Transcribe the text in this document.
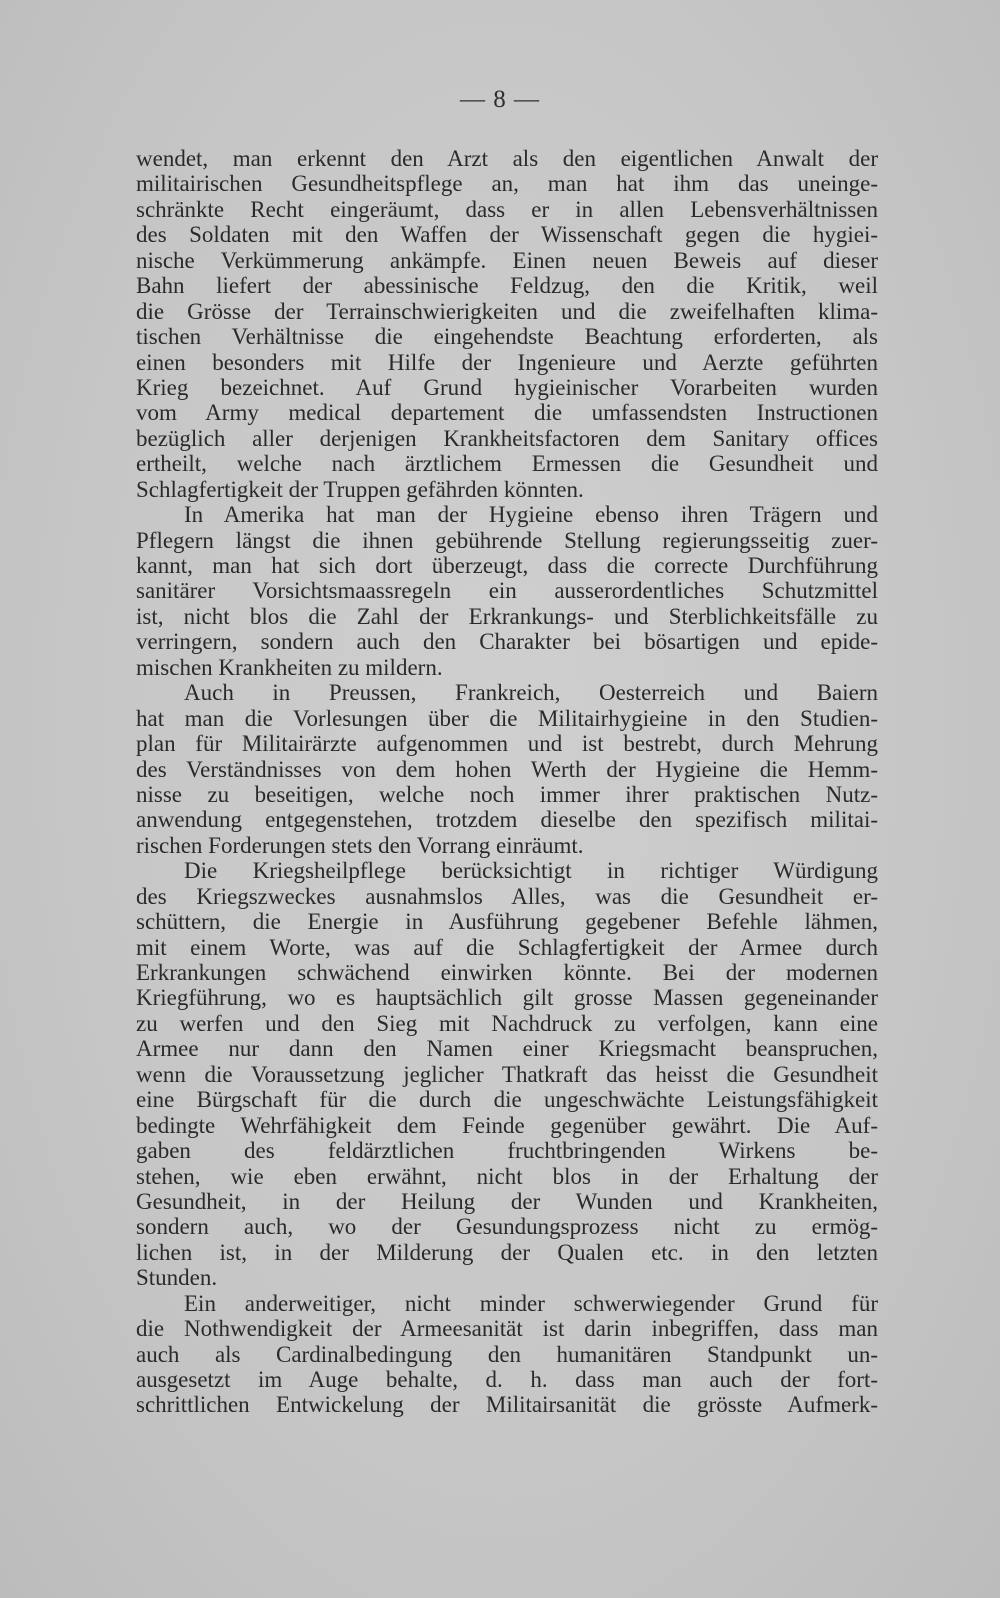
— 8 —
wendet, man erkennt den Arzt als den eigentlichen Anwalt der
militairischen Gesundheitspflege an, man hat ihm das uneinge-
schränkte Recht eingeräumt, dass er in allen Lebensverhältnissen
des Soldaten mit den Waffen der Wissenschaft gegen die hygiei-
nische Verkümmerung ankämpfe. Einen neuen Beweis auf dieser
Bahn liefert der abessinische Feldzug, den die Kritik, weil
die Grösse der Terrainschwierigkeiten und die zweifelhaften klima-
tischen Verhältnisse die eingehendste Beachtung erforderten, als
einen besonders mit Hilfe der Ingenieure und Aerzte geführten
Krieg bezeichnet. Auf Grund hygieinischer Vorarbeiten wurden
vom Army medical departement die umfassendsten Instructionen
bezüglich aller derjenigen Krankheitsfactoren dem Sanitary offices
ertheilt, welche nach ärztlichem Ermessen die Gesundheit und
Schlagfertigkeit der Truppen gefährden könnten.
In Amerika hat man der Hygieine ebenso ihren Trägern und
Pflegern längst die ihnen gebührende Stellung regierungsseitig zuer-
kannt, man hat sich dort überzeugt, dass die correcte Durchführung
sanitärer Vorsichtsmaassregeln ein ausserordentliches Schutzmittel
ist, nicht blos die Zahl der Erkrankungs- und Sterblichkeitsfälle zu
verringern, sondern auch den Charakter bei bösartigen und epide-
mischen Krankheiten zu mildern.
Auch in Preussen, Frankreich, Oesterreich und Baiern
hat man die Vorlesungen über die Militairhygieine in den Studien-
plan für Militairärzte aufgenommen und ist bestrebt, durch Mehrung
des Verständnisses von dem hohen Werth der Hygieine die Hemm-
nisse zu beseitigen, welche noch immer ihrer praktischen Nutz-
anwendung entgegenstehen, trotzdem dieselbe den spezifisch militai-
rischen Forderungen stets den Vorrang einräumt.
Die Kriegsheilpflege berücksichtigt in richtiger Würdigung
des Kriegszweckes ausnahmslos Alles, was die Gesundheit er-
schüttern, die Energie in Ausführung gegebener Befehle lähmen,
mit einem Worte, was auf die Schlagfertigkeit der Armee durch
Erkrankungen schwächend einwirken könnte. Bei der modernen
Kriegführung, wo es hauptsächlich gilt grosse Massen gegeneinander
zu werfen und den Sieg mit Nachdruck zu verfolgen, kann eine
Armee nur dann den Namen einer Kriegsmacht beanspruchen,
wenn die Voraussetzung jeglicher Thatkraft das heisst die Gesundheit
eine Bürgschaft für die durch die ungeschwächte Leistungsfähigkeit
bedingte Wehrfähigkeit dem Feinde gegenüber gewährt. Die Auf-
gaben des feldärztlichen fruchtbringenden Wirkens be-
stehen, wie eben erwähnt, nicht blos in der Erhaltung der
Gesundheit, in der Heilung der Wunden und Krankheiten,
sondern auch, wo der Gesundungsprozess nicht zu ermög-
lichen ist, in der Milderung der Qualen etc. in den letzten
Stunden.
Ein anderweitiger, nicht minder schwerwiegender Grund für
die Nothwendigkeit der Armeesanität ist darin inbegriffen, dass man
auch als Cardinalbedingung den humanitären Standpunkt un-
ausgesetzt im Auge behalte, d. h. dass man auch der fort-
schrittlichen Entwickelung der Militairsanität die grösste Aufmerk-
